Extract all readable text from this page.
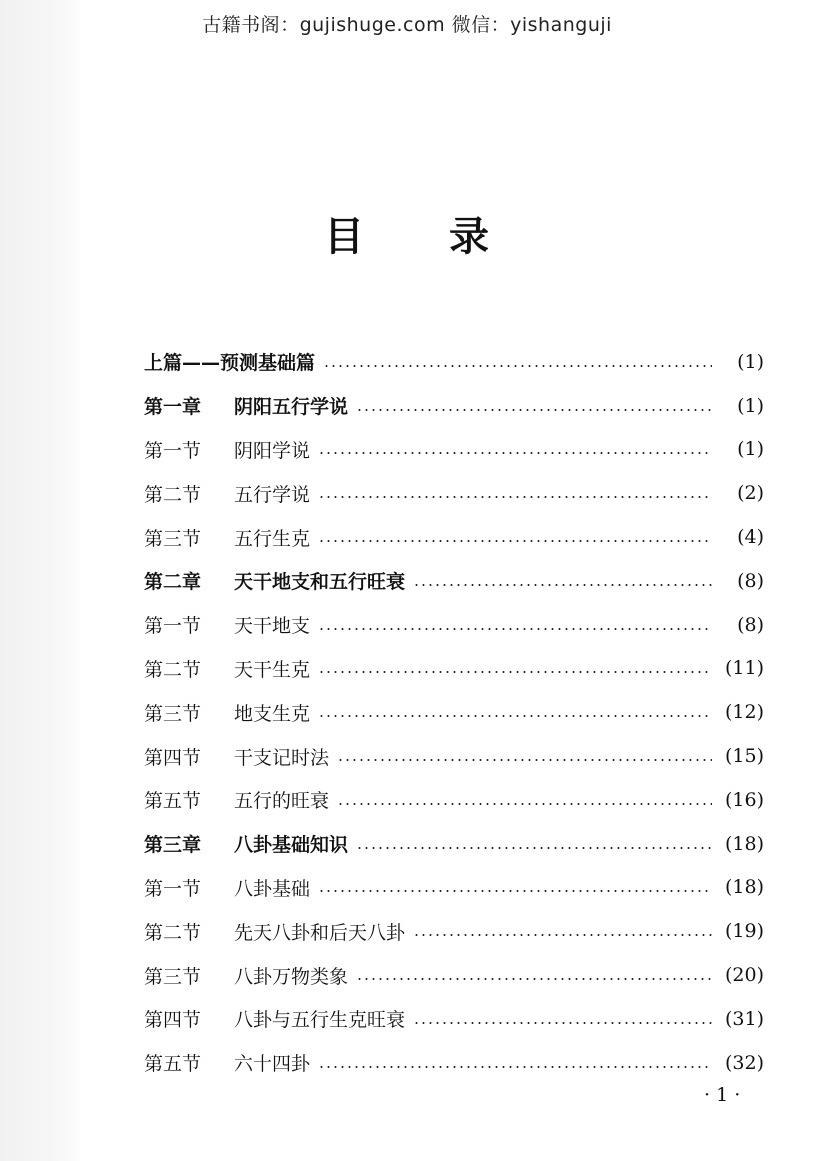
古籍书阁：gujishuge.com 微信：yishanguji
目 录
上篇——预测基础篇	(1)
第一章 阴阳五行学说	(1)
第一节 阴阳学说	(1)
第二节 五行学说	(2)
第三节 五行生克	(4)
第二章 天干地支和五行旺衰	(8)
第一节 天干地支	(8)
第二节 天干生克	(11)
第三节 地支生克	(12)
第四节 干支记时法	(15)
第五节 五行的旺衰	(16)
第三章 八卦基础知识	(18)
第一节 八卦基础	(18)
第二节 先天八卦和后天八卦	(19)
第三节 八卦万物类象	(20)
第四节 八卦与五行生克旺衰	(31)
第五节 六十四卦	(32)
· 1 ·
